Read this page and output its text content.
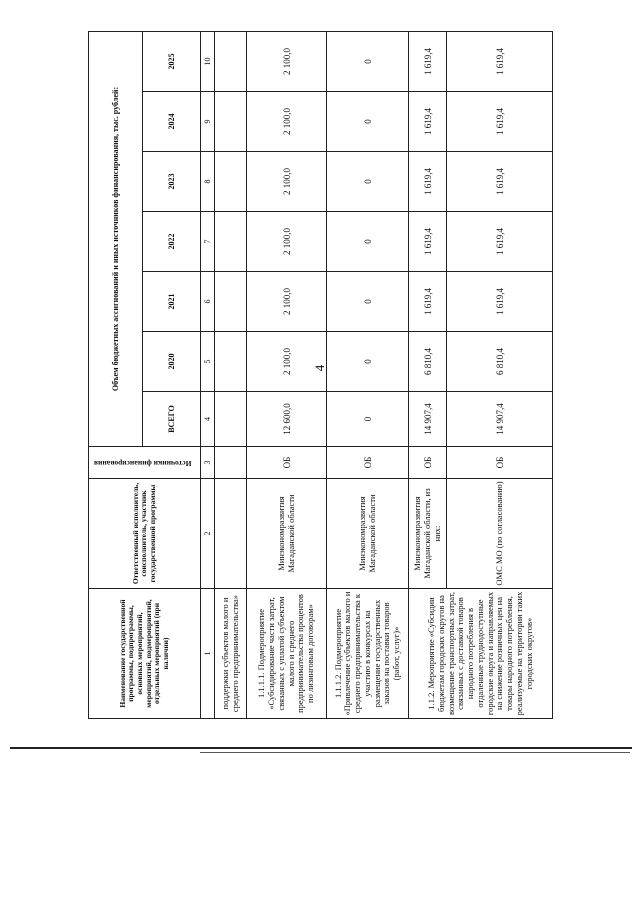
4
Наименование государственной программы, подпрограммы, основных мероприятий, мероприятий, подмероприятий, отдельных мероприятий (при наличии)	Ответственный исполнитель, соисполнитель, участник государственной программы	Источники финансирования	Объем бюджетных ассигнований и иных источников финансирования, тыс. рублей:						
			ВСЕГО	2020	2021	2022	2023	2024	2025
1	2	3	4	5	6	7	8	9	10
поддержки субъектов малого и среднего предпринимательства»									
1.1.1.1. Подмероприятие «Субсидирование части затрат, связанных с уплатой субъектом малого и среднего предпринимательства процентов по лизинговым договорам»	Минэкономразвития Магаданской области	ОБ	12 600,0	2 100,0	2 100,0	2 100,0	2 100,0	2 100,0	2 100,0
1.1.1.2. Подмероприятие «Привлечение субъектов малого и среднего предпринимательства к участию в конкурсах на размещение государственных заказов на поставки товаров (работ, услуг)»	Минэкономразвития Магаданской области	ОБ	0	0	0	0	0	0	0
1.1.2. Мероприятие «Субсидии бюджетам городских округов на возмещение транспортных затрат, связанных с доставкой товаров народного потребления в отдаленные труднодоступные городские округа и направляемых на снижение розничных цен на товары народного потребления, реализуемые на территории таких городских округов»	Минэкономразвития Магаданской области, из них:	ОБ	14 907,4	6 810,4	1 619,4	1 619,4	1 619,4	1 619,4	1 619,4
	ОМС МО (по согласованию)	ОБ	14 907,4	6 810,4	1 619,4	1 619,4	1 619,4	1 619,4	1 619,4
